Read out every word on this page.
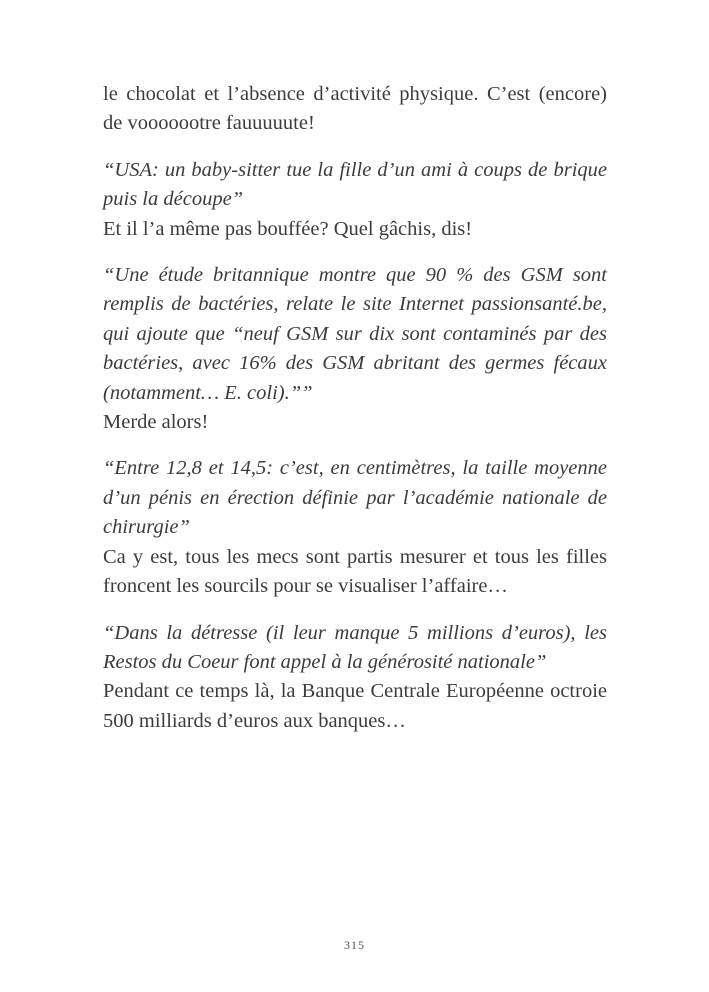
le chocolat et l’absence d’activité physique. C’est (encore) de vooooootre fauuuuute!

“USA: un baby-sitter tue la fille d’un ami à coups de brique puis la découpe”

Et il l’a même pas bouffée? Quel gâchis, dis!

“Une étude britannique montre que 90 % des GSM sont remplis de bactéries, relate le site Internet passionsanté.be, qui ajoute que “neuf GSM sur dix sont contaminés par des bactéries, avec 16% des GSM abritant des germes fécaux (notamment… E. coli).””

Merde alors!

“Entre 12,8 et 14,5: c’est, en centimètres, la taille moyenne d’un pénis en érection définie par l’académie nationale de chirurgie”

Ca y est, tous les mecs sont partis mesurer et tous les filles froncent les sourcils pour se visualiser l’affaire…

“Dans la détresse (il leur manque 5 millions d’euros), les Restos du Coeur font appel à la générosité nationale”

Pendant ce temps là, la Banque Centrale Européenne octroie 500 milliards d’euros aux banques…

315
